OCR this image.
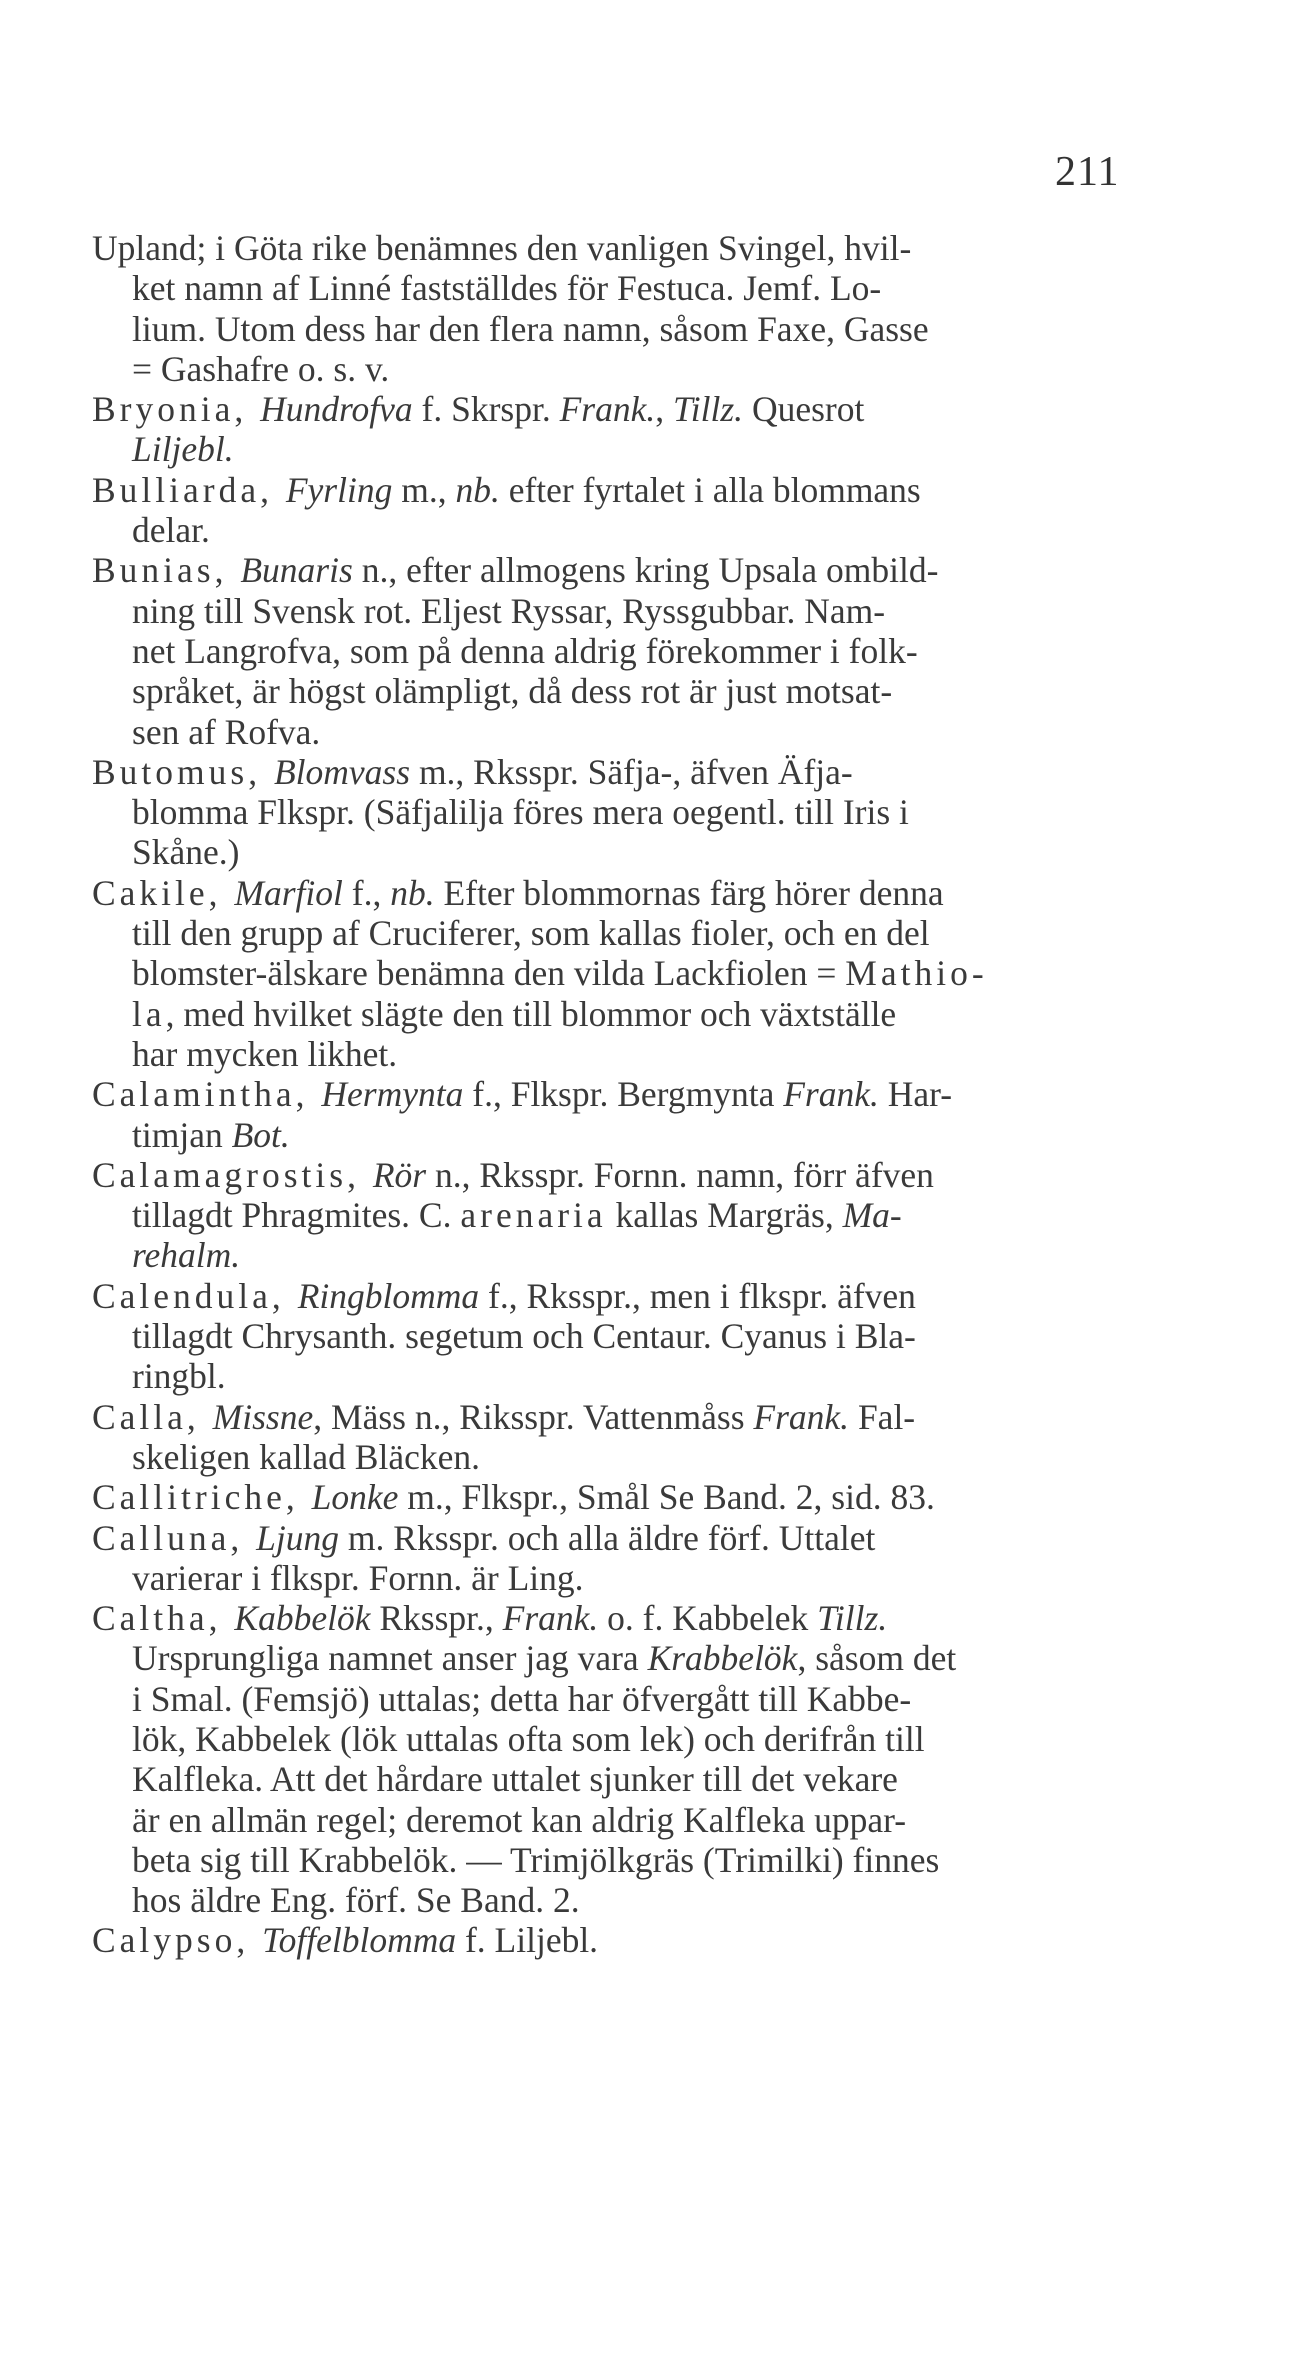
211

Upland; i Göta rike benämnes den vanligen Svingel, hvil-

ket namn af Linné fastställdes för Festuca. Jemf. Lo-

lium. Utom dess har den flera namn, såsom Faxe, Gasse

= Gashafre o. s. v.

Bryonia, Hundrofva f. Skrspr. Frank., Tillz. Quesrot

Liljebl.

Bulliarda, Fyrling m., nb. efter fyrtalet i alla blommans

delar.

Bunias, Bunaris n., efter allmogens kring Upsala ombild-

ning till Svensk rot. Eljest Ryssar, Ryssgubbar. Nam-

net Langrofva, som på denna aldrig förekommer i folk-

språket, är högst olämpligt, då dess rot är just motsat-

sen af Rofva.

Butomus, Blomvass m., Rksspr. Säfja-, äfven Äfja-

blomma Flkspr. (Säfjalilja föres mera oegentl. till Iris i

Skåne.)

Cakile, Marfiol f., nb. Efter blommornas färg hörer denna

till den grupp af Cruciferer, som kallas fioler, och en del

blomster-älskare benämna den vilda Lackfiolen = Mathio-

la, med hvilket slägte den till blommor och växtställe

har mycken likhet.

Calamintha, Hermynta f., Flkspr. Bergmynta Frank. Har-

timjan Bot.

Calamagrostis, Rör n., Rksspr. Fornn. namn, förr äfven

tillagdt Phragmites. C. arenaria kallas Margräs, Ma-

rehalm.

Calendula, Ringblomma f., Rksspr., men i flkspr. äfven

tillagdt Chrysanth. segetum och Centaur. Cyanus i Bla-

ringbl.

Calla, Missne, Mäss n., Riksspr. Vattenmåss Frank. Fal-

skeligen kallad Bläcken.

Callitriche, Lonke m., Flkspr., Smål Se Band. 2, sid. 83.

Calluna, Ljung m. Rksspr. och alla äldre förf. Uttalet

varierar i flkspr. Fornn. är Ling.

Caltha, Kabbelök Rksspr., Frank. o. f. Kabbelek Tillz.

Ursprungliga namnet anser jag vara Krabbelök, såsom det

i Smal. (Femsjö) uttalas; detta har öfvergått till Kabbe-

lök, Kabbelek (lök uttalas ofta som lek) och derifrån till

Kalfleka. Att det hårdare uttalet sjunker till det vekare

är en allmän regel; deremot kan aldrig Kalfleka uppar-

beta sig till Krabbelök. — Trimjölkgräs (Trimilki) finnes

hos äldre Eng. förf. Se Band. 2.

Calypso, Toffelblomma f. Liljebl.
